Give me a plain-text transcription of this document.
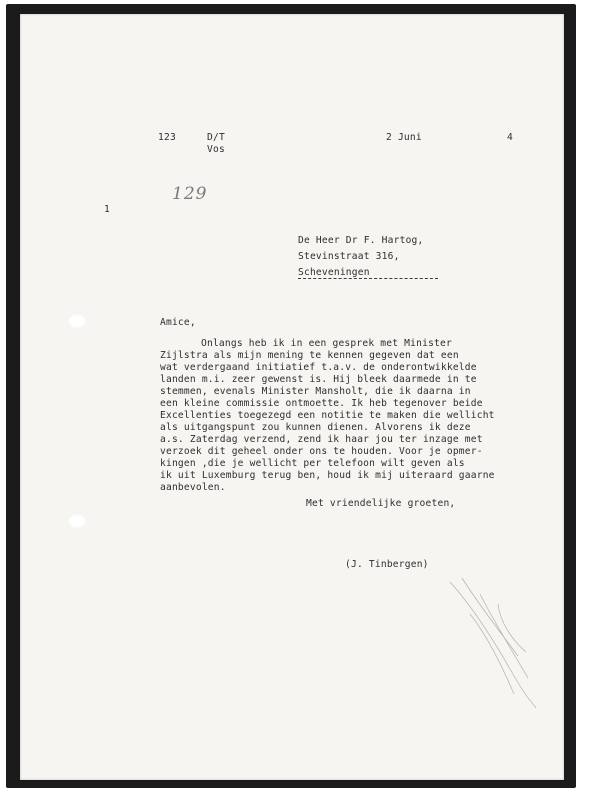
123	D/T
Vos
2 Juni	4
129
1
De Heer Dr F. Hartog,
Stevinstraat 316,
Scheveningen
Amice,
Onlangs heb ik in een gesprek met Minister
Zijlstra als mijn mening te kennen gegeven dat een
wat verdergaand initiatief t.a.v. de onderontwikkelde
landen m.i. zeer gewenst is. Hij bleek daarmede in te
stemmen, evenals Minister Mansholt, die ik daarna in
een kleine commissie ontmoette. Ik heb tegenover beide
Excellenties toegezegd een notitie te maken die wellicht
als uitgangspunt zou kunnen dienen. Alvorens ik deze
a.s. Zaterdag verzend, zend ik haar jou ter inzage met
verzoek dit geheel onder ons te houden. Voor je opmer-
kingen ,die je wellicht per telefoon wilt geven als
ik uit Luxemburg terug ben, houd ik mij uiteraard gaarne
aanbevolen.
Met vriendelijke groeten,
(J. Tinbergen)
